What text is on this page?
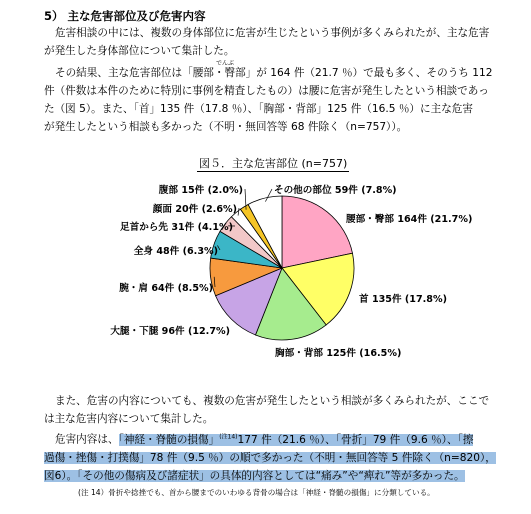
5） 主な危害部位及び危害内容
危害相談の中には、複数の身体部位に危害が生じたという事例が多くみられたが、主な危害
が発生した身体部位について集計した。
でんぶ
その結果、主な危害部位は「腰部・臀部」が 164 件（21.7 ％）で最も多く、そのうち 112
件（件数は本件のために特別に事例を精査したもの）は腰に危害が発生したという相談であっ
た（図 5）。また、「首」135 件（17.8 ％）、「胸部・背部」125 件（16.5 ％）に主な危害
が発生したという相談も多かった（不明・無回答等 68 件除く（n=757））。
図５．主な危害部位 (n=757)
腰部・臀部 164件 (21.7%)
首 135件 (17.8%)
胸部・背部 125件 (16.5%)
大腿・下腿 96件 (12.7%)
腕・肩 64件 (8.5%)
全身 48件 (6.3%)
足首から先 31件 (4.1%)
顔面 20件 (2.6%)
腹部 15件 (2.0%)	その他の部位 59件 (7.8%)
また、危害の内容についても、複数の危害が発生したという相談が多くみられたが、ここで
は主な危害内容について集計した。
危害内容は、「神経・脊髄の損傷」$^{(注14)}$177 件（21.6 ％）、「骨折」79 件（9.6 ％）、「擦
過傷・挫傷・打撲傷」78 件（9.5 ％）の順で多かった（不明・無回答等 5 件除く（n=820），
図6）。「その他の傷病及び諸症状」の具体的内容としては“痛み”や“痺れ”等が多かった。
(注 14）骨折や捻挫でも、首から腰までのいわゆる背骨の場合は「神経・脊髄の損傷」に分類している。
